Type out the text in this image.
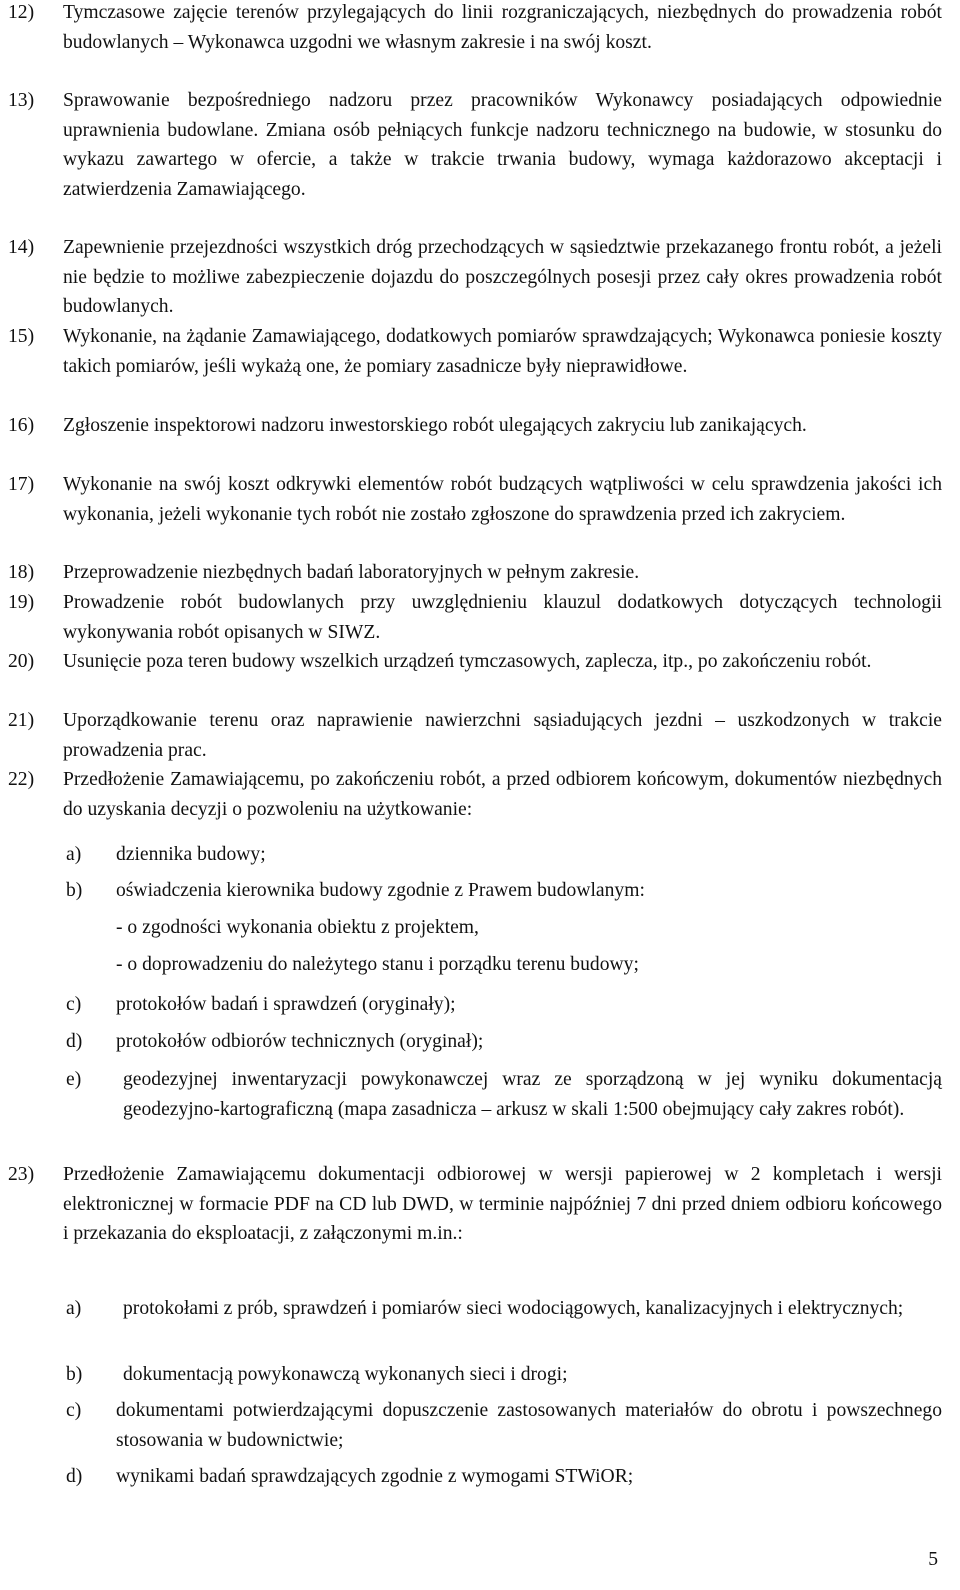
12)	Tymczasowe zajęcie terenów przylegających do linii rozgraniczających, niezbędnych do prowadzenia robót budowlanych – Wykonawca uzgodni we własnym zakresie i na swój koszt.
13)	Sprawowanie bezpośredniego nadzoru przez pracowników Wykonawcy posiadających odpowiednie uprawnienia budowlane. Zmiana osób pełniących funkcje nadzoru technicznego na budowie, w stosunku do wykazu zawartego w ofercie, a także w trakcie trwania budowy, wymaga każdorazowo akceptacji i zatwierdzenia Zamawiającego.
14)	Zapewnienie przejezdności wszystkich dróg przechodzących w sąsiedztwie przekazanego frontu robót, a jeżeli nie będzie to możliwe zabezpieczenie dojazdu do poszczególnych posesji przez cały okres prowadzenia robót budowlanych.
15)	Wykonanie, na żądanie Zamawiającego, dodatkowych pomiarów sprawdzających; Wykonawca poniesie koszty takich pomiarów, jeśli wykażą one, że pomiary zasadnicze były nieprawidłowe.
16)	Zgłoszenie inspektorowi nadzoru inwestorskiego robót ulegających zakryciu lub zanikających.
17)	Wykonanie na swój koszt odkrywki elementów robót budzących wątpliwości w celu sprawdzenia jakości ich wykonania, jeżeli wykonanie tych robót nie zostało zgłoszone do sprawdzenia przed ich zakryciem.
18)	Przeprowadzenie niezbędnych badań laboratoryjnych w pełnym zakresie.
19)	Prowadzenie robót budowlanych przy uwzględnieniu klauzul dodatkowych dotyczących technologii wykonywania robót opisanych w SIWZ.
20)	Usunięcie poza teren budowy wszelkich urządzeń tymczasowych, zaplecza, itp., po zakończeniu robót.
21)	Uporządkowanie terenu oraz naprawienie nawierzchni sąsiadujących jezdni – uszkodzonych w trakcie prowadzenia prac.
22)	Przedłożenie Zamawiającemu, po zakończeniu robót, a przed odbiorem końcowym, dokumentów niezbędnych do uzyskania decyzji o pozwoleniu na użytkowanie:
a)	dziennika budowy;
b)	oświadczenia kierownika budowy zgodnie z Prawem budowlanym:
- o zgodności wykonania obiektu z projektem,
- o doprowadzeniu do należytego stanu i porządku terenu budowy;
c)	protokołów badań i sprawdzeń (oryginały);
d)	protokołów odbiorów technicznych (oryginał);
e)	geodezyjnej inwentaryzacji powykonawczej wraz ze sporządzoną w jej wyniku dokumentacją geodezyjno-kartograficzną (mapa zasadnicza – arkusz w skali 1:500 obejmujący cały zakres robót).
23)	Przedłożenie Zamawiającemu dokumentacji odbiorowej w wersji papierowej w 2 kompletach i wersji elektronicznej w formacie PDF na CD lub DWD, w terminie najpóźniej 7 dni przed dniem odbioru końcowego i przekazania do eksploatacji, z załączonymi m.in.:
a)	protokołami z prób, sprawdzeń i pomiarów sieci wodociągowych, kanalizacyjnych i elektrycznych;
b)	dokumentacją powykonawczą wykonanych sieci i drogi;
c)	dokumentami potwierdzającymi dopuszczenie zastosowanych materiałów do obrotu i powszechnego stosowania w budownictwie;
d)	wynikami badań sprawdzających zgodnie z wymogami STWiOR;
5
